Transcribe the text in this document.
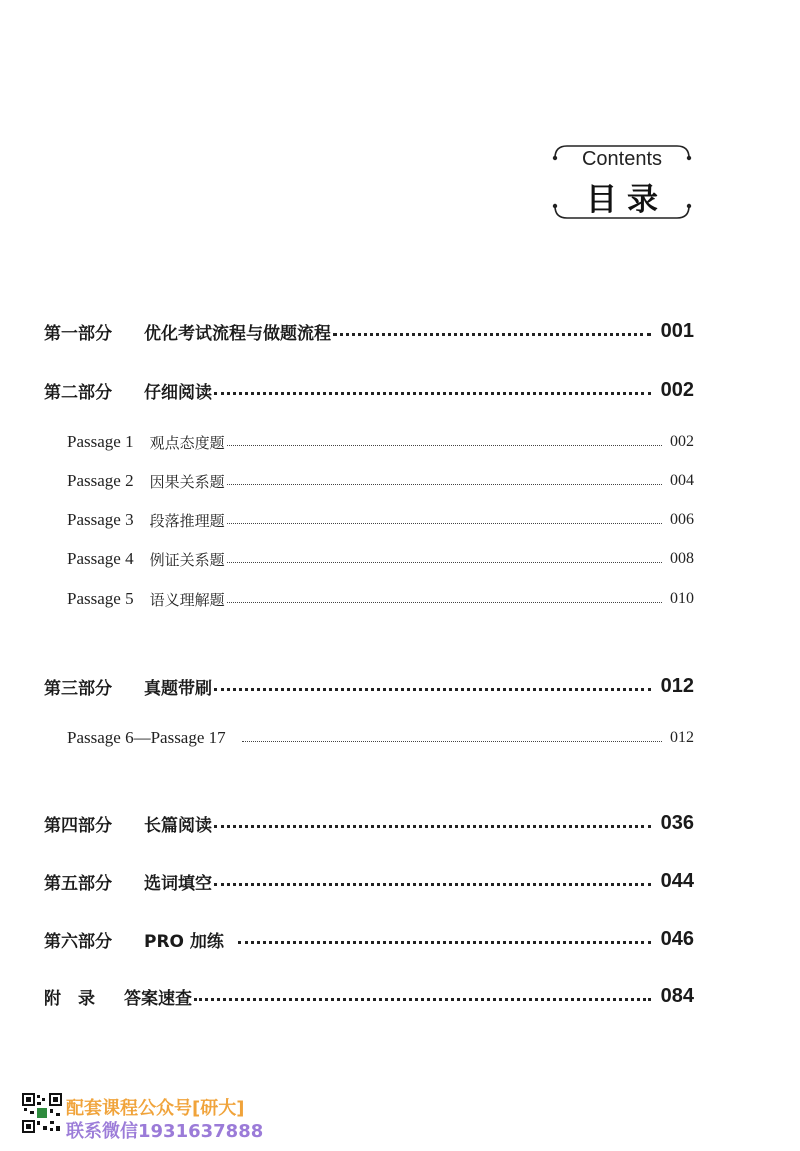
Contents
目录
第一部分	优化考试流程与做题流程	001
第二部分	仔细阅读	002
Passage 1 观点态度题	002
Passage 2 因果关系题	004
Passage 3 段落推理题	006
Passage 4 例证关系题	008
Passage 5 语义理解题	010
第三部分	真题带刷	012
Passage 6—Passage 17	012
第四部分	长篇阅读	036
第五部分	选词填空	044
第六部分	PRO 加练	046
附　录	答案速查	084
配套课程公众号[研大]
联系微信1931637888
